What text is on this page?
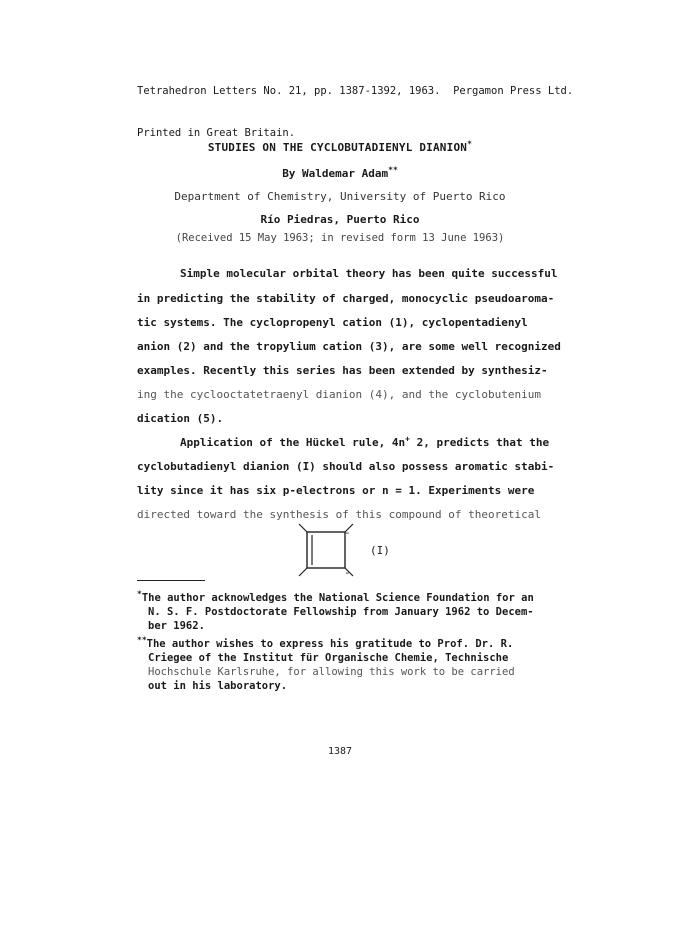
Tetrahedron Letters No. 21, pp. 1387-1392, 1963.  Pergamon Press Ltd.

Printed in Great Britain.

STUDIES ON THE CYCLOBUTADIENYL DIANION*
By Waldemar Adam**
Department of Chemistry, University of Puerto Rico
Río Piedras, Puerto Rico
(Received 15 May 1963; in revised form 13 June 1963)
Simple molecular orbital theory has been quite successful
in predicting the stability of charged, monocyclic pseudoaroma-
tic systems. The cyclopropenyl cation (1), cyclopentadienyl
anion (2) and the tropylium cation (3), are some well recognized
examples. Recently this series has been extended by synthesiz-
ing the cyclooctatetraenyl dianion (4), and the cyclobutenium
dication (5).
Application of the Hückel rule, 4n+ 2, predicts that the
cyclobutadienyl dianion (I) should also possess aromatic stabi-
lity since it has six p-electrons or n = 1. Experiments were
directed toward the synthesis of this compound of theoretical
-
-
(I)
*The author acknowledges the National Science Foundation for an
N. S. F. Postdoctorate Fellowship from January 1962 to Decem-
ber 1962.
**The author wishes to express his gratitude to Prof. Dr. R.
Criegee of the Institut für Organische Chemie, Technische
Hochschule Karlsruhe, for allowing this work to be carried
out in his laboratory.
1387
